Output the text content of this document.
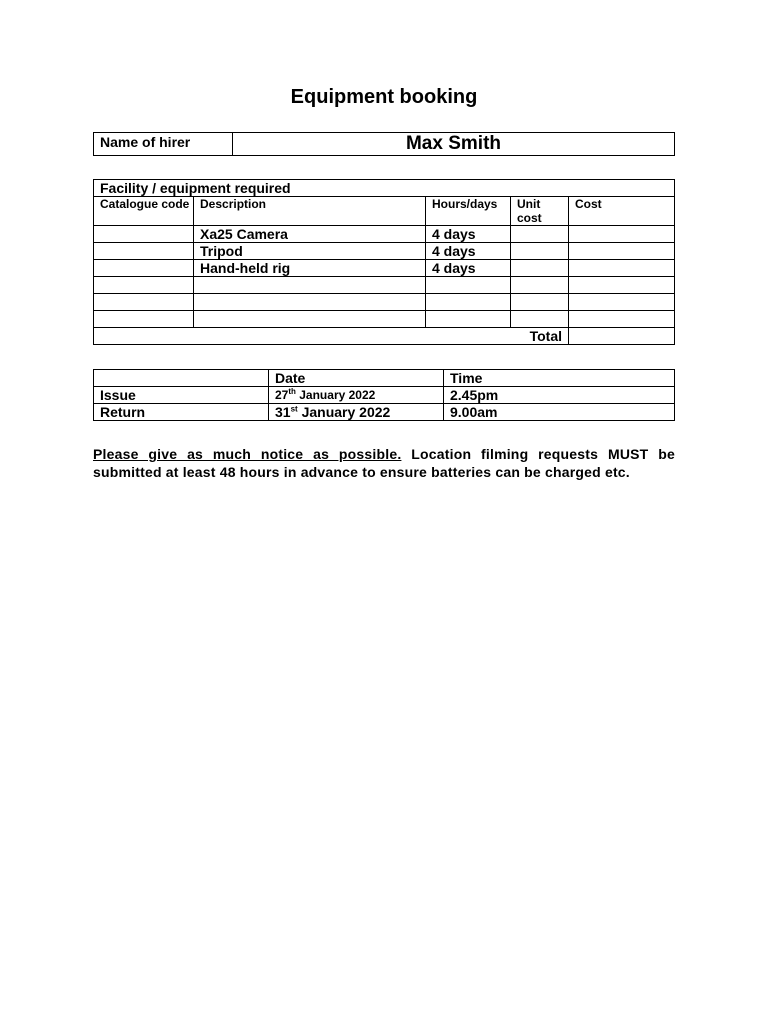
Equipment booking
Name of hirer	Max Smith
Facility / equipment required				
Catalogue code	Description	Hours/days	Unit cost	Cost
	Xa25 Camera	4 days		
	Tripod	4 days		
	Hand-held rig	4 days		

Total				
	Date	Time
Issue	27th January 2022	2.45pm
Return	31st January 2022	9.00am
Please give as much notice as possible. Location filming requests MUST be submitted at least 48 hours in advance to ensure batteries can be charged etc.
